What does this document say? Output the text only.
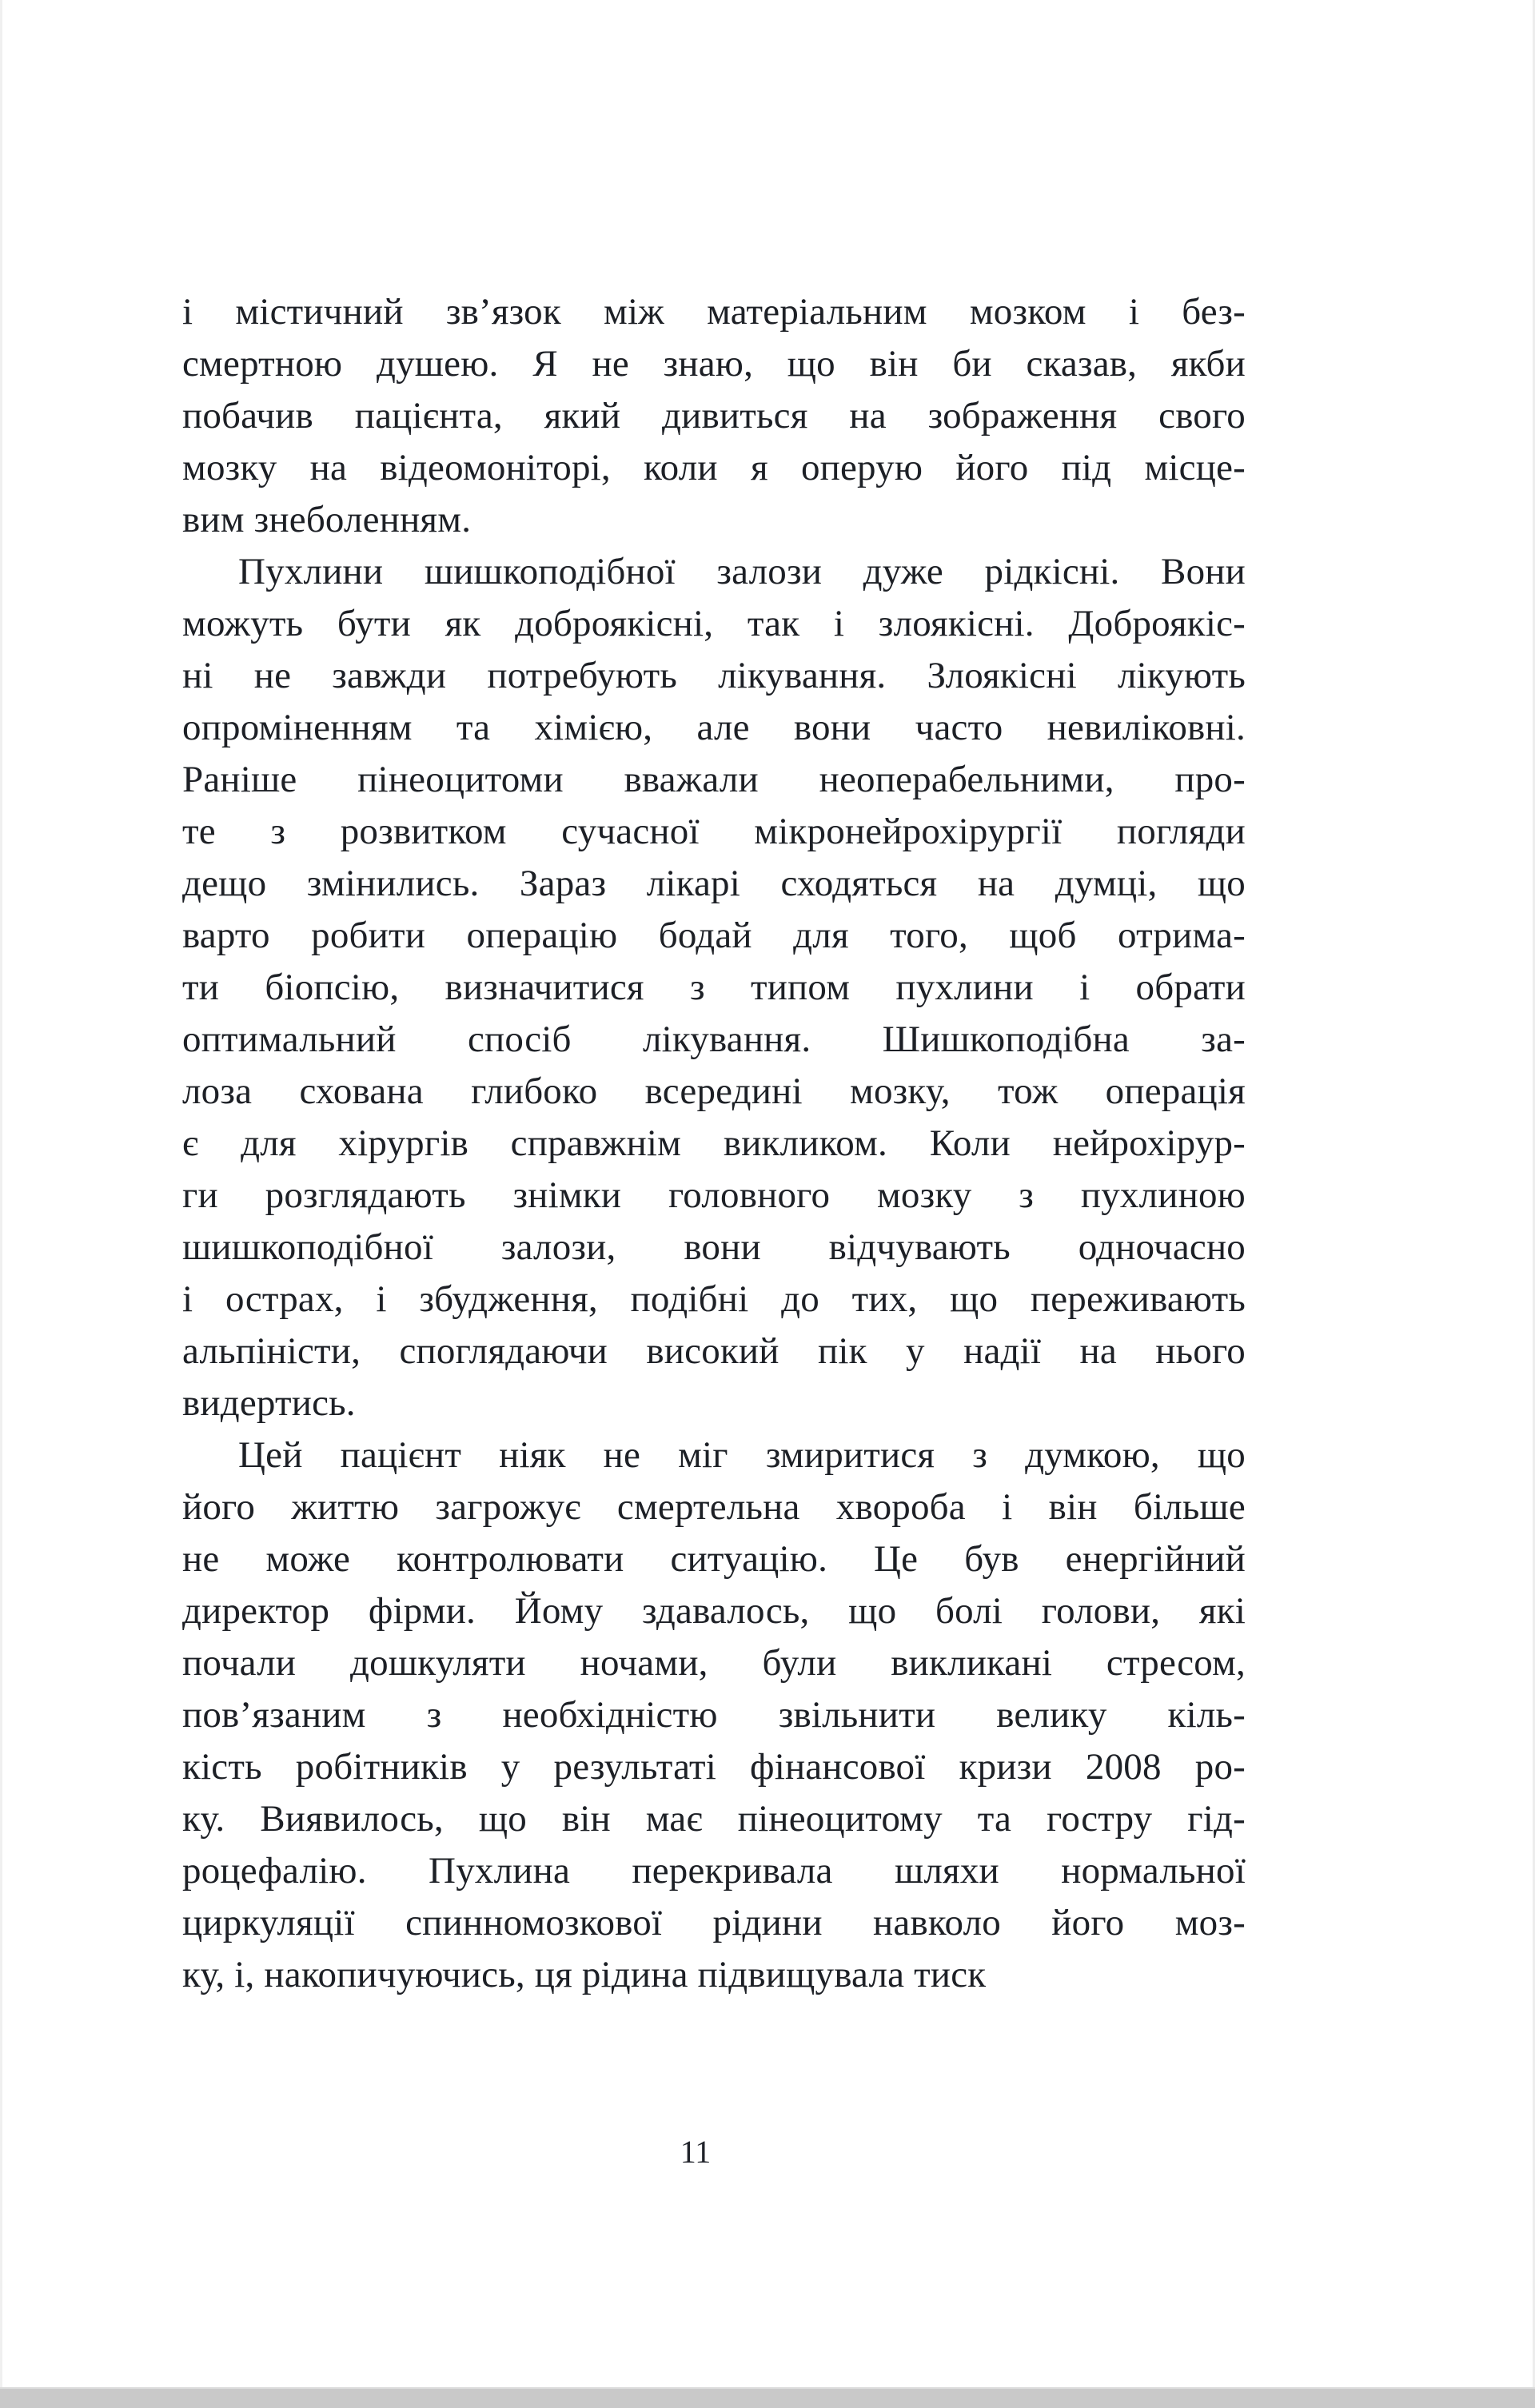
і містичний зв’язок між матеріальним мозком і без-
смертною душею. Я не знаю, що він би сказав, якби
побачив пацієнта, який дивиться на зображення свого
мозку на відеомоніторі, коли я оперую його під місце-
вим знеболенням.
Пухлини шишкоподібної залози дуже рідкісні. Вони
можуть бути як доброякісні, так і злоякісні. Доброякіс-
ні не завжди потребують лікування. Злоякісні лікують
опроміненням та хімією, але вони часто невиліковні.
Раніше пінеоцитоми вважали неоперабельними, про-
те з розвитком сучасної мікронейрохірургії погляди
дещо змінились. Зараз лікарі сходяться на думці, що
варто робити операцію бодай для того, щоб отрима-
ти біопсію, визначитися з типом пухлини і обрати
оптимальний спосіб лікування. Шишкоподібна за-
лоза схована глибоко всередині мозку, тож операція
є для хірургів справжнім викликом. Коли нейрохірур-
ги розглядають знімки головного мозку з пухлиною
шишкоподібної залози, вони відчувають одночасно
і острах, і збудження, подібні до тих, що переживають
альпіністи, споглядаючи високий пік у надії на нього
видертись.
Цей пацієнт ніяк не міг змиритися з думкою, що
його життю загрожує смертельна хвороба і він більше
не може контролювати ситуацію. Це був енергійний
директор фірми. Йому здавалось, що болі голови, які
почали дошкуляти ночами, були викликані стресом,
пов’язаним з необхідністю звільнити велику кіль-
кість робітників у результаті фінансової кризи 2008 ро-
ку. Виявилось, що він має пінеоцитому та гостру гід-
роцефалію. Пухлина перекривала шляхи нормальної
циркуляції спинномозкової рідини навколо його моз-
ку, і, накопичуючись, ця рідина підвищувала тиск
11
